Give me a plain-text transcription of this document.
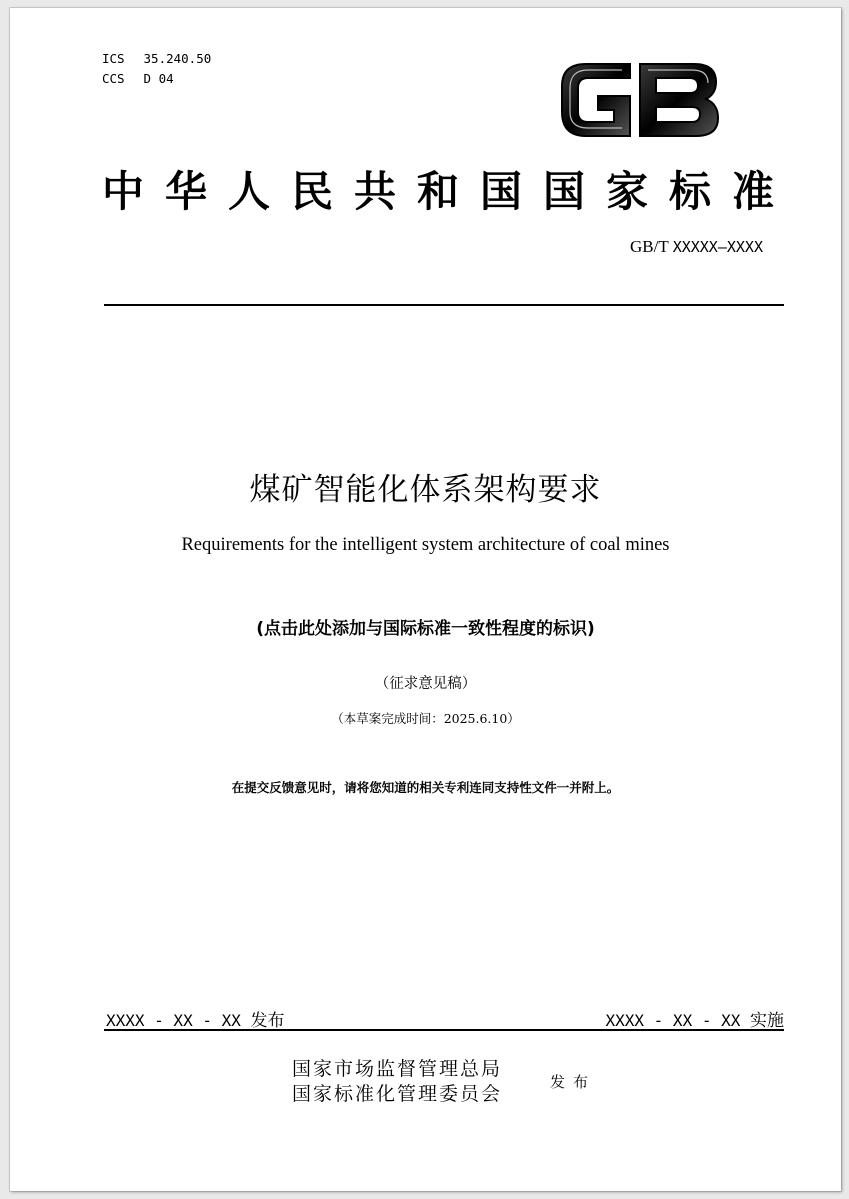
ICS 35.240.50
CCS D 04
中华人民共和国国家标准
GB/T XXXXX—XXXX
煤矿智能化体系架构要求
Requirements for the intelligent system architecture of coal mines
(点击此处添加与国际标准一致性程度的标识)
（征求意见稿）
（本草案完成时间：2025.6.10）
在提交反馈意见时，请将您知道的相关专利连同支持性文件一并附上。
XXXX - XX - XX 发布	XXXX - XX - XX 实施
国家市场监督管理总局
国家标准化管理委员会
发布
